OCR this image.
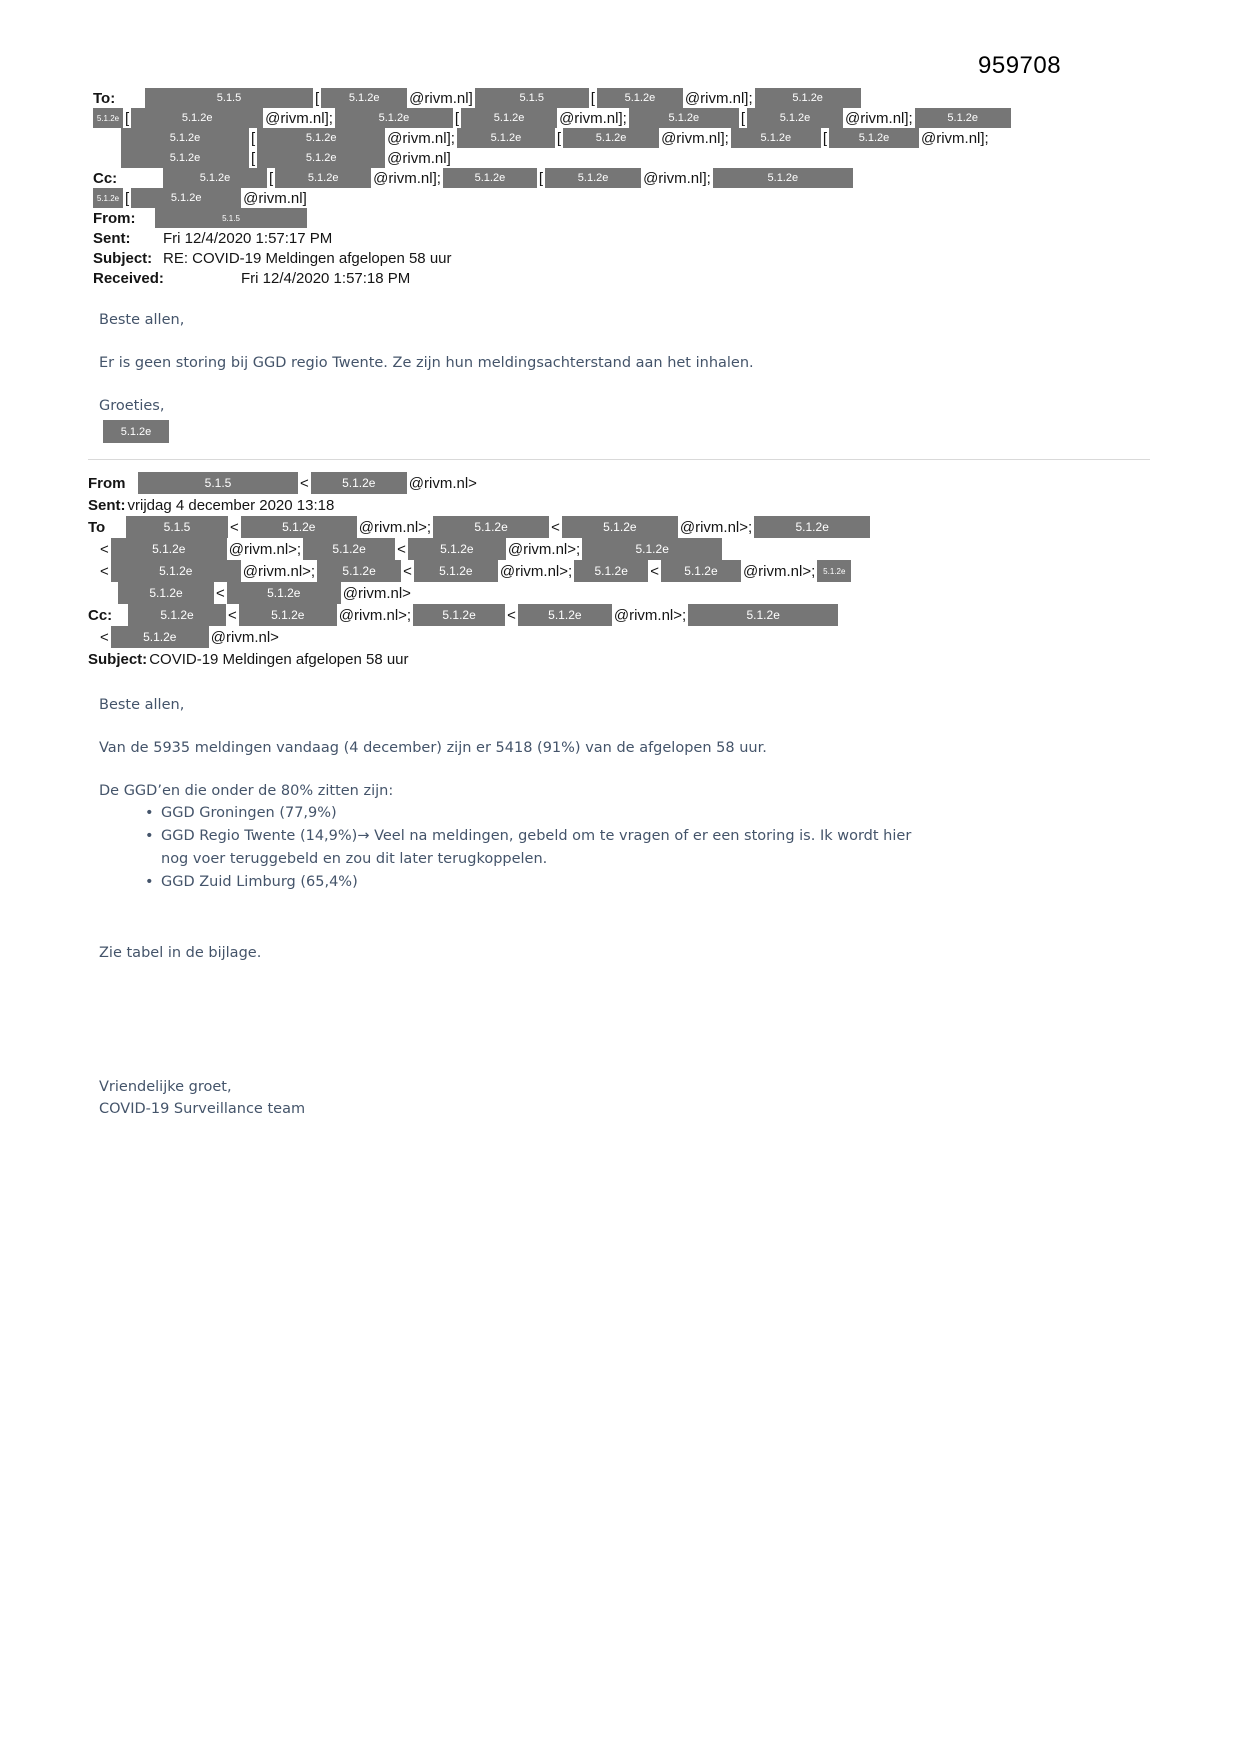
959708
To:	5.1.5	[	5.1.2e	@rivm.nl]	5.1.5	[	5.1.2e	@rivm.nl];	5.1.2e
5.1.2e [	5.1.2e	@rivm.nl];	5.1.2e	[	5.1.2e	@rivm.nl];	5.1.2e	[	5.1.2e	@rivm.nl];	5.1.2e
5.1.2e	[	5.1.2e	@rivm.nl];	5.1.2e	[	5.1.2e	@rivm.nl];	5.1.2e	[	5.1.2e	@rivm.nl];
5.1.2e	[	5.1.2e	@rivm.nl]
Cc:	5.1.2e	[	5.1.2e	@rivm.nl];	5.1.2e	[	5.1.2e	@rivm.nl];	5.1.2e
5.1.2e [	5.1.2e	@rivm.nl]
From:	5.1.5
Sent:	Fri 12/4/2020 1:57:17 PM
Subject: RE: COVID-19 Meldingen afgelopen 58 uur
Received:	Fri 12/4/2020 1:57:18 PM
Beste allen,
Er is geen storing bij GGD regio Twente. Ze zijn hun meldingsachterstand aan het inhalen.
Groeties,
5.1.2e
From	5.1.5	<	5.1.2e	@rivm.nl>
Sent: vrijdag 4 december 2020 13:18
To	5.1.5	<	5.1.2e	@rivm.nl>;	5.1.2e	<	5.1.2e	@rivm.nl>;	5.1.2e
<	5.1.2e	@rivm.nl>;	5.1.2e	<	5.1.2e	@rivm.nl>;	5.1.2e
<	5.1.2e	@rivm.nl>;	5.1.2e	<	5.1.2e	@rivm.nl>;	5.1.2e	<	5.1.2e	@rivm.nl>; 5.1.2e
5.1.2e	<	5.1.2e	@rivm.nl>
Cc:	5.1.2e	<	5.1.2e	@rivm.nl>;	5.1.2e	<	5.1.2e	@rivm.nl>;	5.1.2e
<	5.1.2e	@rivm.nl>
Subject: COVID-19 Meldingen afgelopen 58 uur
Beste allen,
Van de 5935 meldingen vandaag (4 december) zijn er 5418 (91%) van de afgelopen 58 uur.
De GGD’en die onder de 80% zitten zijn:
• GGD Groningen (77,9%)
• GGD Regio Twente (14,9%)→ Veel na meldingen, gebeld om te vragen of er een storing is. Ik wordt hier nog voer teruggebeld en zou dit later terugkoppelen.
• GGD Zuid Limburg (65,4%)
Zie tabel in de bijlage.
Vriendelijke groet,
COVID-19 Surveillance team
